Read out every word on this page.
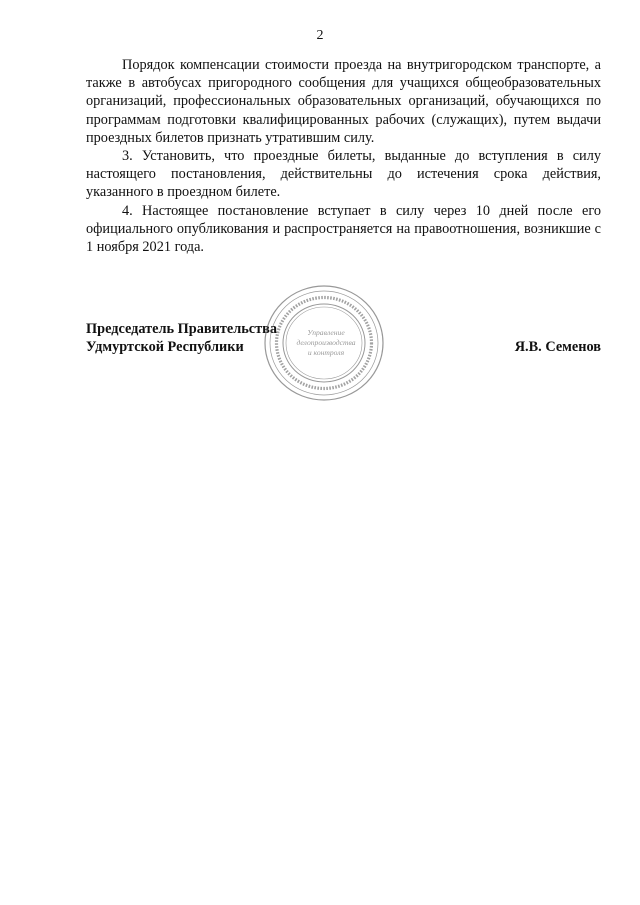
2

Порядок компенсации стоимости проезда на внутригородском транспорте, а также в автобусах пригородного сообщения для учащихся общеобразовательных организаций, профессиональных образовательных организаций, обучающихся по программам подготовки квалифицированных рабочих (служащих), путем выдачи проездных билетов признать утратившим силу.

3. Установить, что проездные билеты, выданные до вступления в силу настоящего постановления, действительны до истечения срока действия, указанного в проездном билете.

4. Настоящее постановление вступает в силу через 10 дней после его официального опубликования и распространяется на правоотношения, возникшие с 1 ноября 2021 года.

Председатель Правительства
Удмуртской Республики	Я.В. Семенов
Управление
делопроизводства
и контроля
